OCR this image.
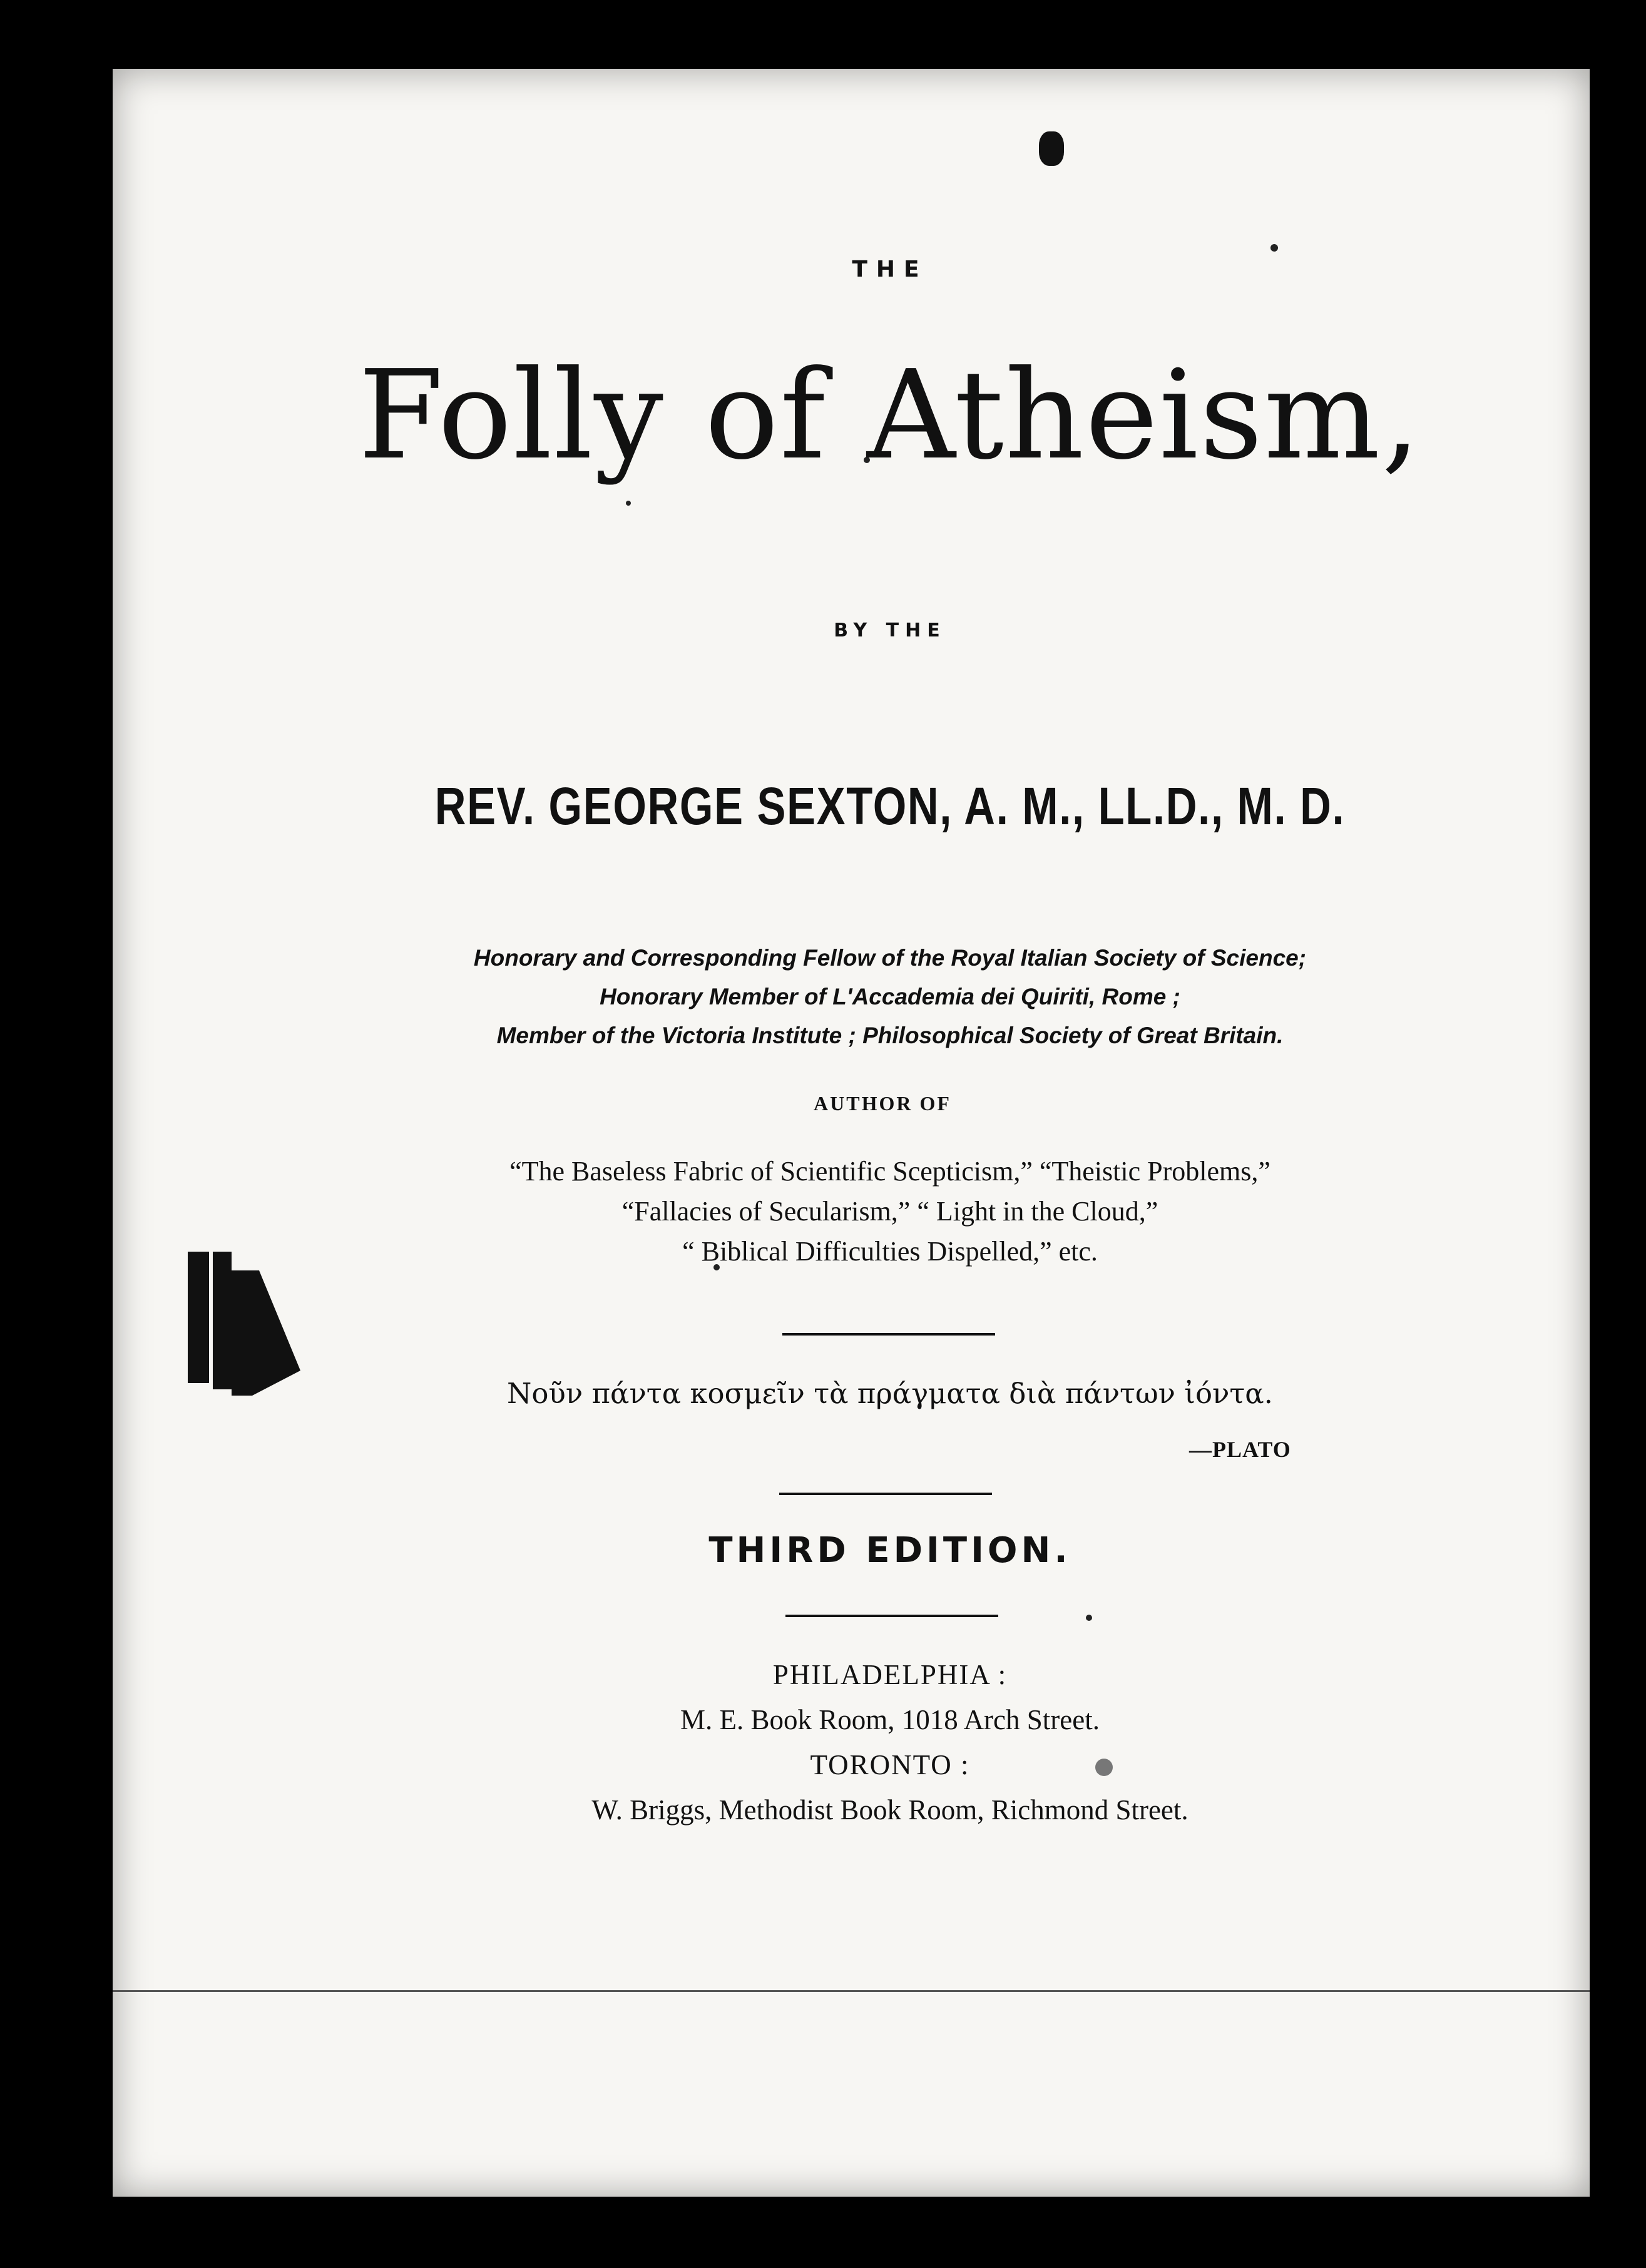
THE
Folly of Atheism,
BY THE
REV. GEORGE SEXTON, A. M., LL.D., M. D.
Honorary and Corresponding Fellow of the Royal Italian Society of Science;
Honorary Member of L'Accademia dei Quiriti, Rome ;
Member of the Victoria Institute ; Philosophical Society of Great Britain.
AUTHOR OF
“The Baseless Fabric of Scientific Scepticism,” “Theistic Problems,”
“Fallacies of Secularism,” “ Light in the Cloud,”
“ Biblical Difficulties Dispelled,” etc.
Νοῦν πάντα κοσμεῖν τὰ πράγματα διὰ πάντων ἰόντα.
—PLATO
THIRD EDITION.
PHILADELPHIA :
M. E. Book Room, 1018 Arch Street.
TORONTO :
W. Briggs, Methodist Book Room, Richmond Street.
